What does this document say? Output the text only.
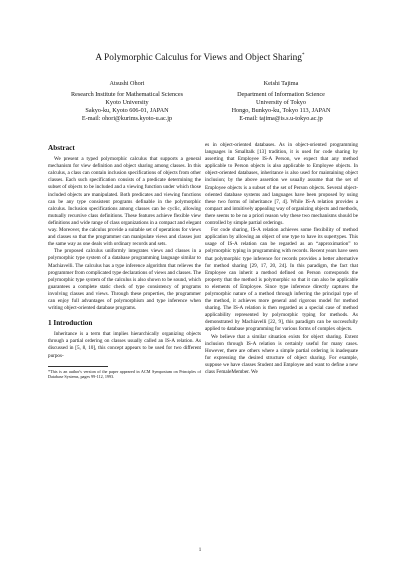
A Polymorphic Calculus for Views and Object Sharing*
Atsushi Ohori
Research Institute for Mathematical Sciences
Kyoto University
Sakyo-ku, Kyoto 606-01, JAPAN
E-mail: ohori@kurims.kyoto-u.ac.jp
Keishi Tajima
Department of Information Science
University of Tokyo
Hongo, Bunkyo-ku, Tokyo 113, JAPAN
E-mail: tajima@is.s.u-tokyo.ac.jp
Abstract

We present a typed polymorphic calculus that supports a general mechanism for view definition and object sharing among classes. In this calculus, a class can contain inclusion specifications of objects from other classes. Each such specification consists of a predicate determining the subset of objects to be included and a viewing function under which those included objects are manipulated. Both predicates and viewing functions can be any type consistent programs definable in the polymorphic calculus. Inclusion specifications among classes can be cyclic, allowing mutually recursive class definitions. These features achieve flexible view definitions and wide range of class organizations in a compact and elegant way. Moreover, the calculus provide a suitable set of operations for views and classes so that the programmer can manipulate views and classes just the same way as one deals with ordinary records and sets.

The proposed calculus uniformly integrates views and classes in a polymorphic type system of a database programming language similar to Machiavelli. The calculus has a type inference algorithm that relieves the programmer from complicated type declarations of views and classes. The polymorphic type system of the calculus is also shown to be sound, which guarantees a complete static check of type consistency of programs involving classes and views. Through these properties, the programmer can enjoy full advantages of polymorphism and type inference when writing object-oriented database programs.

1 Introduction

Inheritance is a term that implies hierarchically organizing objects through a partial ordering on classes usually called an IS-A relation. As discussed in [5, 8, 10], this concept appears to be used for two different purpos-

*This is an author's version of the paper appeared in ACM Symposium on Principles of Database Systems, pages 99-112, 1993.

es in object-oriented databases. As in object-oriented programming languages in Smalltalk [13] tradition, it is used for code sharing by asserting that Employee IS-A Person, we expect that any method applicable to Person objects is also applicable to Employee objects. In object-oriented databases, inheritance is also used for maintaining object inclusion; by the above assertion we usually assume that the set of Employee objects is a subset of the set of Person objects. Several object-oriented database systems and languages have been proposed by using these two forms of inheritance [7, 4]. While IS-A relation provides a compact and intuitively appealing way of organizing objects and methods, there seems to be no a priori reason why these two mechanisms should be controlled by simple partial orderings.

For code sharing, IS-A relation achieves some flexibility of method application by allowing an object of one type to have its supertypes. This usage of IS-A relation can be regarded as an “approximation” to polymorphic typing in programming with records. Recent years have seen that polymorphic type inference for records provides a better alternative for method sharing [29, 17, 20, 24]. In this paradigm, the fact that Employee can inherit a method defined on Person corresponds the property that the method is polymorphic so that it can also be applicable to elements of Employee. Since type inference directly captures the polymorphic nature of a method through inferring the principal type of the method, it achieves more general and rigorous model for method sharing. The IS-A relation is then regarded as a special case of method applicability represented by polymorphic typing for methods. As demonstrated by Machiavelli [22, 9], this paradigm can be successfully applied to database programming for various forms of complex objects.

We believe that a similar situation exists for object sharing. Extent inclusion through IS-A relation is certainly useful for many cases. However, there are others where a simple partial ordering is inadequate for expressing the desired structure of object sharing. For example, suppose we have classes Student and Employee and want to define a new class FemaleMember. We

1
